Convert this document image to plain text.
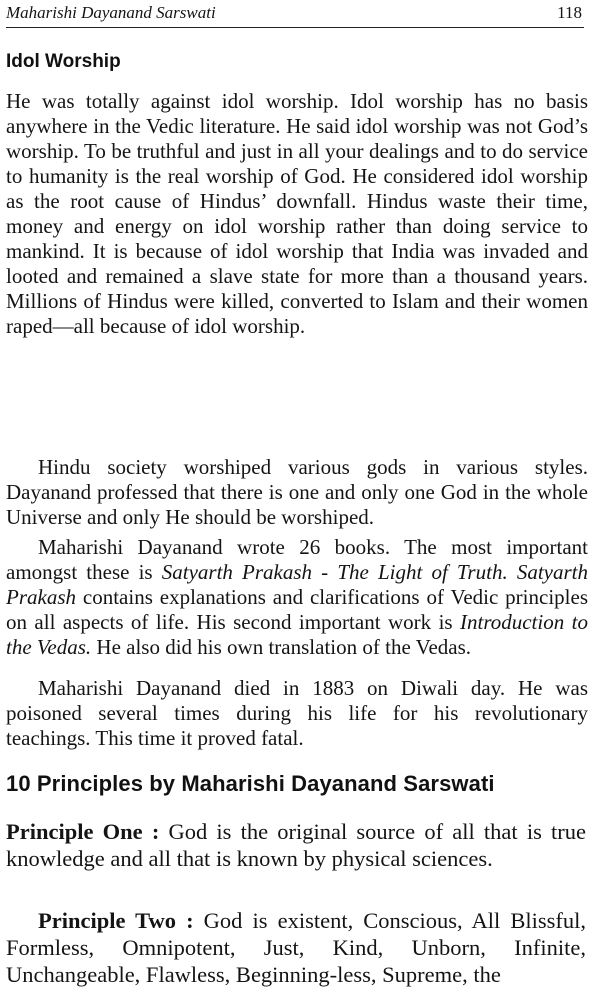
Maharishi Dayanand Sarswati	118
Idol Worship

He was totally against idol worship. Idol worship has no basis anywhere in the Vedic literature. He said idol worship was not God’s worship. To be truthful and just in all your dealings and to do service to humanity is the real worship of God. He considered idol worship as the root cause of Hindus’ downfall. Hindus waste their time, money and energy on idol worship rather than doing service to mankind. It is because of idol worship that India was invaded and looted and remained a slave state for more than a thousand years. Millions of Hindus were killed, converted to Islam and their women raped—all because of idol worship.

Hindu society worshiped various gods in various styles. Dayanand professed that there is one and only one God in the whole Universe and only He should be worshiped.

Maharishi Dayanand wrote 26 books. The most important amongst these is Satyarth Prakash - The Light of Truth. Satyarth Prakash contains explanations and clarifications of Vedic principles on all aspects of life. His second important work is Introduction to the Vedas. He also did his own translation of the Vedas.

Maharishi Dayanand died in 1883 on Diwali day. He was poisoned several times during his life for his revolutionary teachings. This time it proved fatal.

10 Principles by Maharishi Dayanand Sarswati

Principle One : God is the original source of all that is true knowledge and all that is known by physical sciences.

Principle Two : God is existent, Conscious, All Blissful, Formless, Omnipotent, Just, Kind, Unborn, Infinite, Unchangeable, Flawless, Beginning-less, Supreme, the
